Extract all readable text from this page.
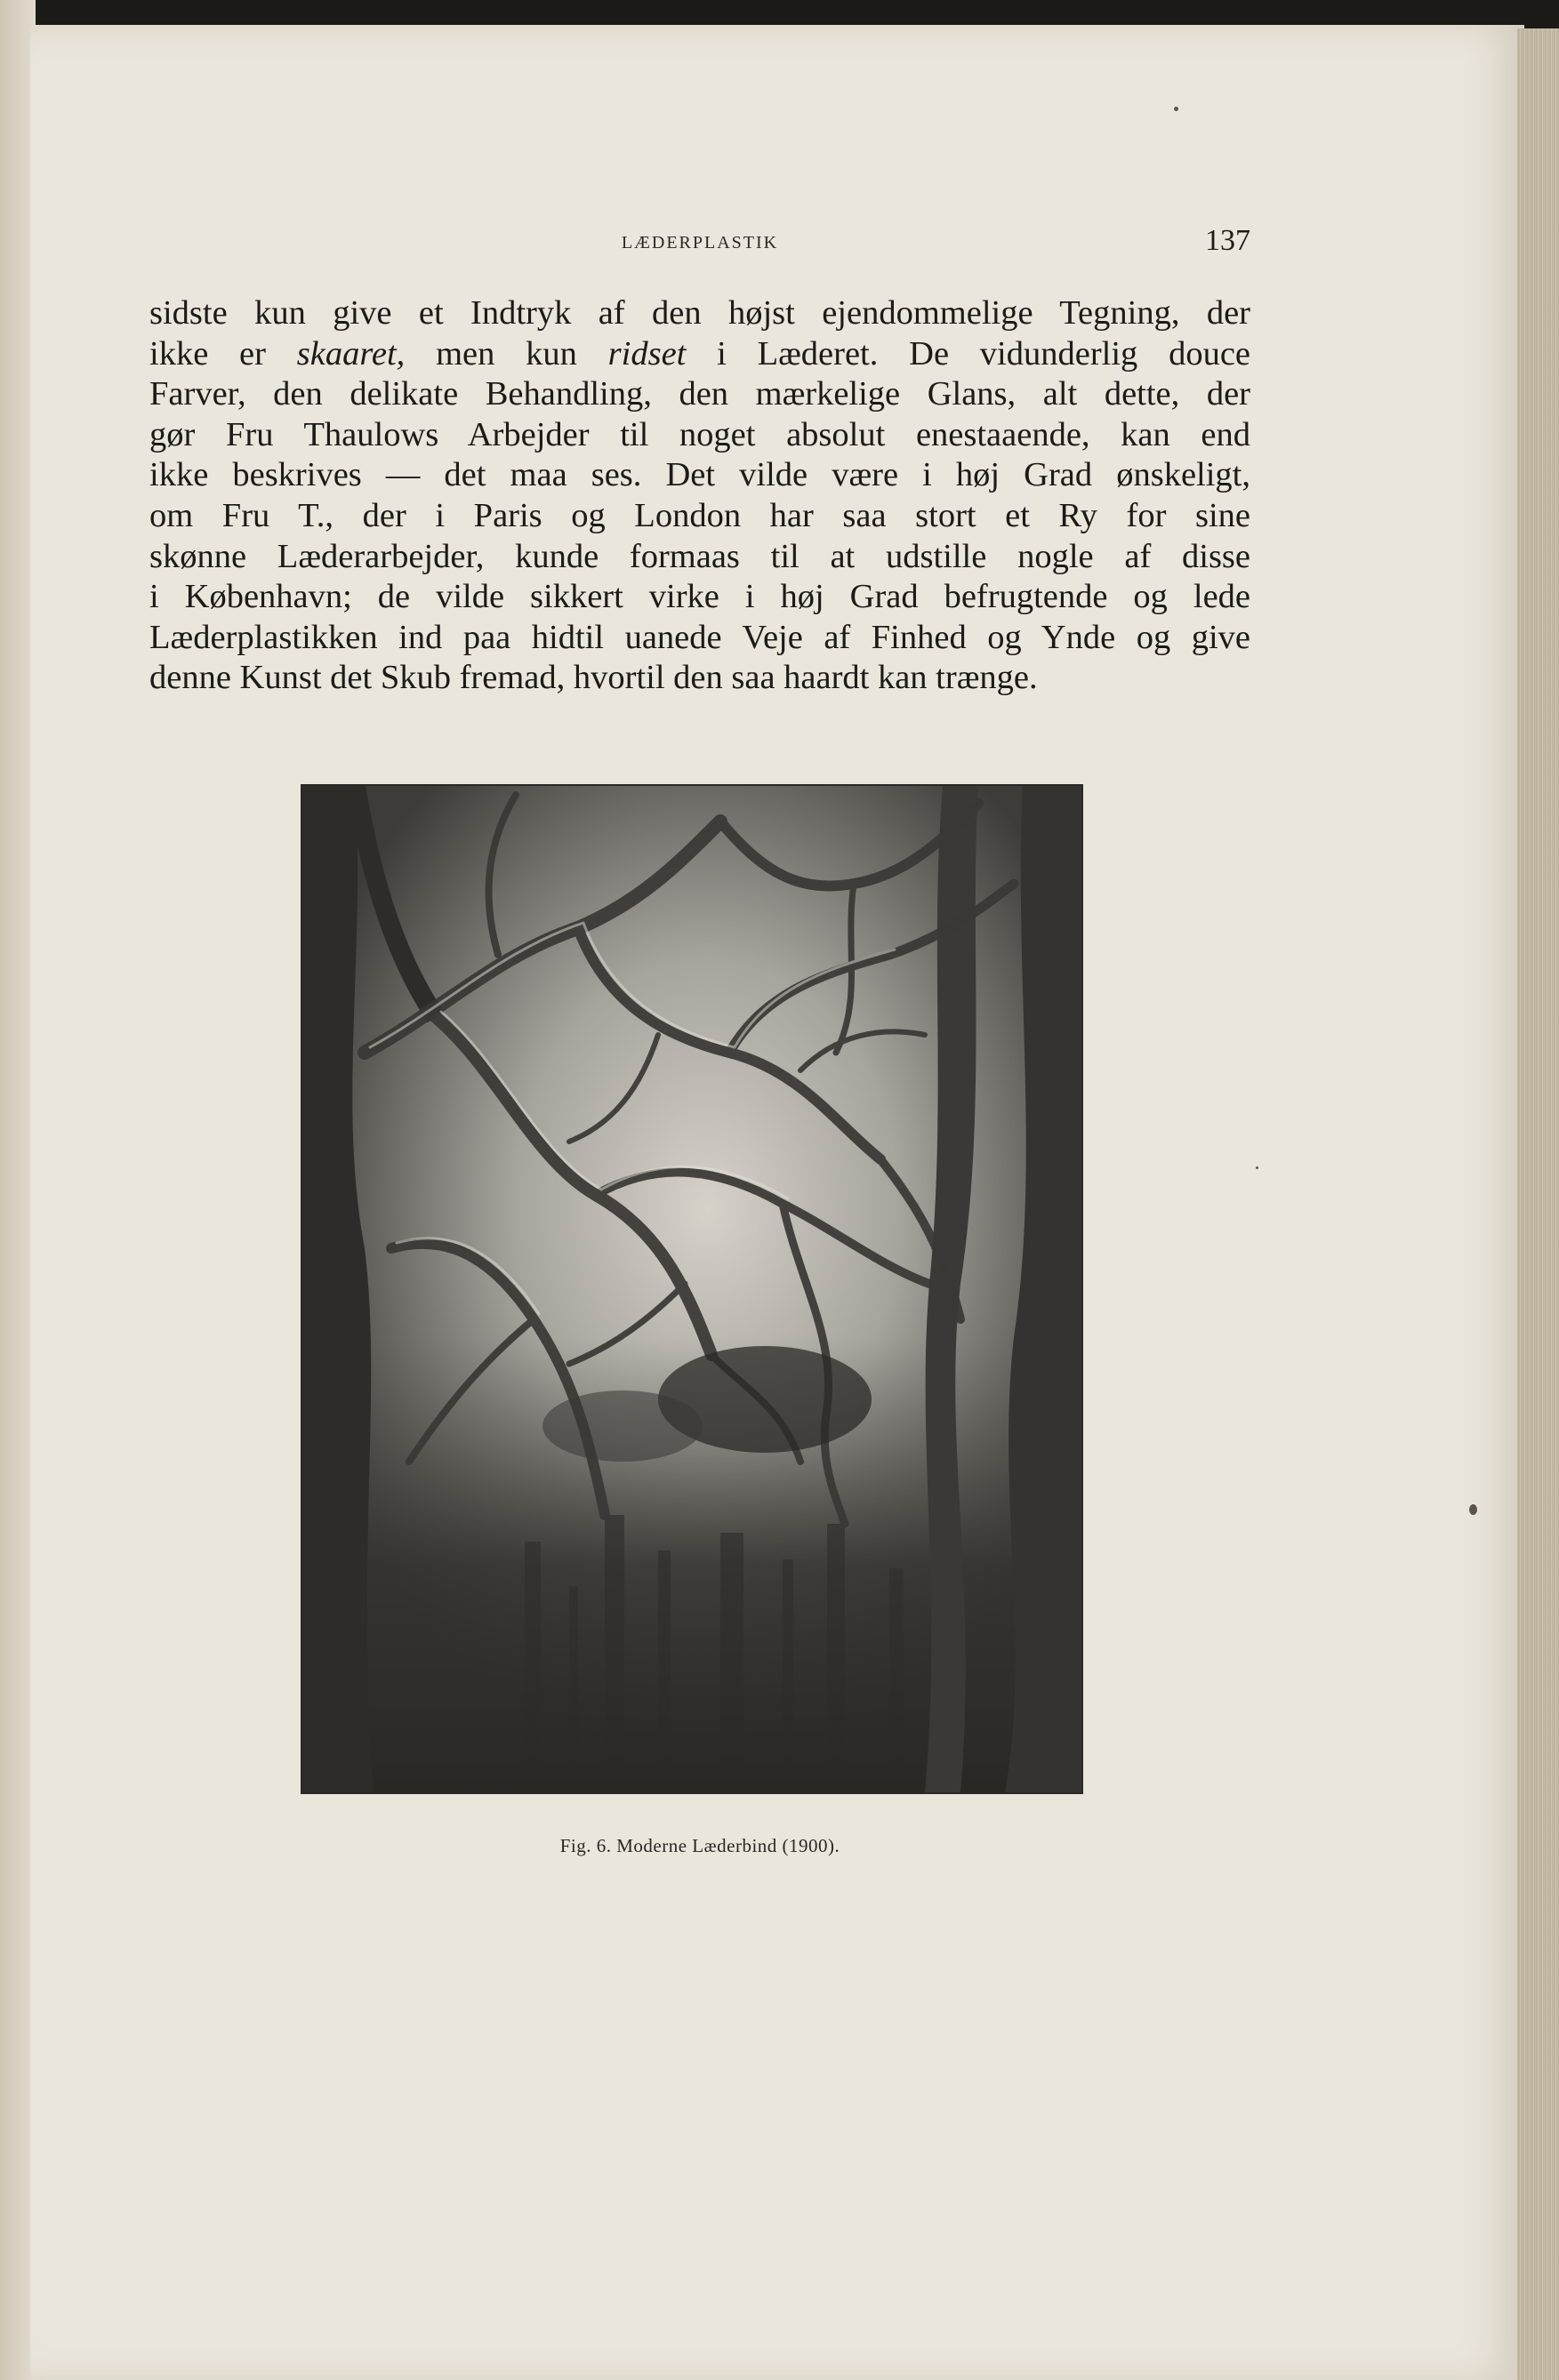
LÆDERPLASTIK	137
sidste kun give et Indtryk af den højst ejendommelige Tegning, der
ikke er skaaret, men kun ridset i Læderet. De vidunderlig douce
Farver, den delikate Behandling, den mærkelige Glans, alt dette, der
gør Fru Thaulows Arbejder til noget absolut enestaaende, kan end
ikke beskrives — det maa ses. Det vilde være i høj Grad ønskeligt,
om Fru T., der i Paris og London har saa stort et Ry for sine
skønne Læderarbejder, kunde formaas til at udstille nogle af disse
i København; de vilde sikkert virke i høj Grad befrugtende og lede
Læderplastikken ind paa hidtil uanede Veje af Finhed og Ynde og give
denne Kunst det Skub fremad, hvortil den saa haardt kan trænge.
Fig. 6. Moderne Læderbind (1900).
